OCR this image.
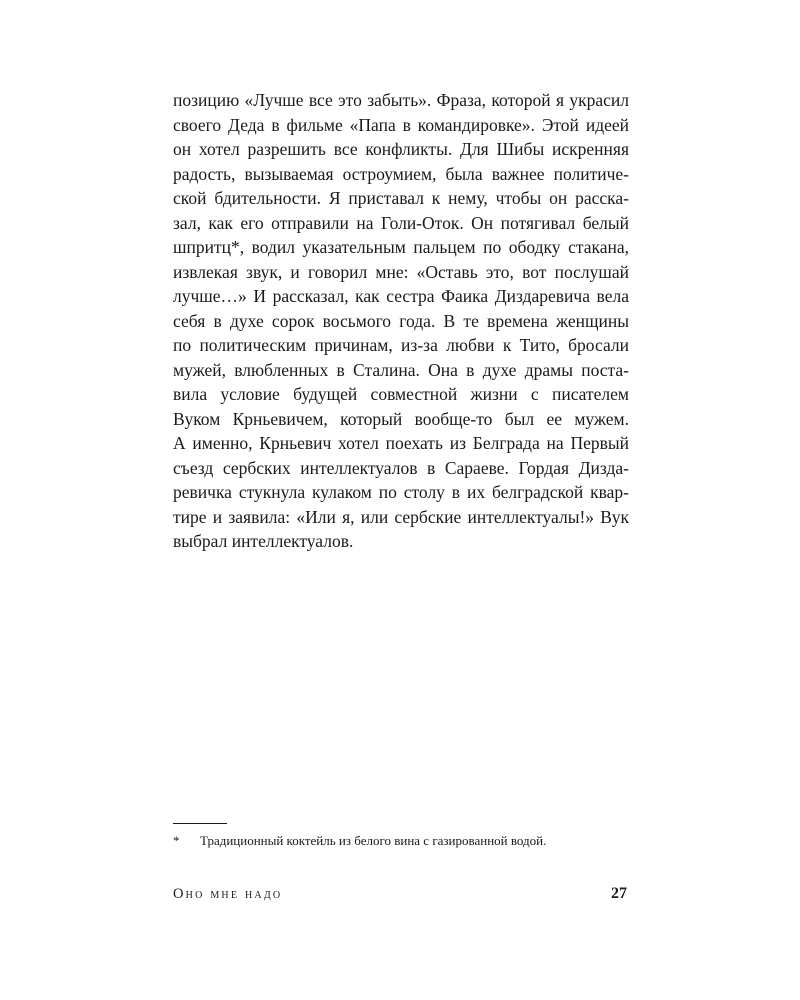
позицию «Лучше все это забыть». Фраза, которой я украсил
своего Деда в фильме «Папа в командировке». Этой идеей
он хотел разрешить все конфликты. Для Шибы искренняя
радость, вызываемая остроумием, была важнее политиче-
ской бдительности. Я приставал к нему, чтобы он расска-
зал, как его отправили на Голи-Оток. Он потягивал белый
шпритц*, водил указательным пальцем по ободку стакана,
извлекая звук, и говорил мне: «Оставь это, вот послушай
лучше…» И рассказал, как сестра Фаика Диздаревича вела
себя в духе сорок восьмого года. В те времена женщины
по политическим причинам, из-за любви к Тито, бросали
мужей, влюбленных в Сталина. Она в духе драмы поста-
вила условие будущей совместной жизни с писателем
Вуком Крньевичем, который вообще-то был ее мужем.
А именно, Крньевич хотел поехать из Белграда на Первый
съезд сербских интеллектуалов в Сараеве. Гордая Дизда-
ревичка стукнула кулаком по столу в их белградской квар-
тире и заявила: «Или я, или сербские интеллектуалы!» Вук
выбрал интеллектуалов.
* Традиционный коктейль из белого вина с газированной водой.
Оно мне надо	27
